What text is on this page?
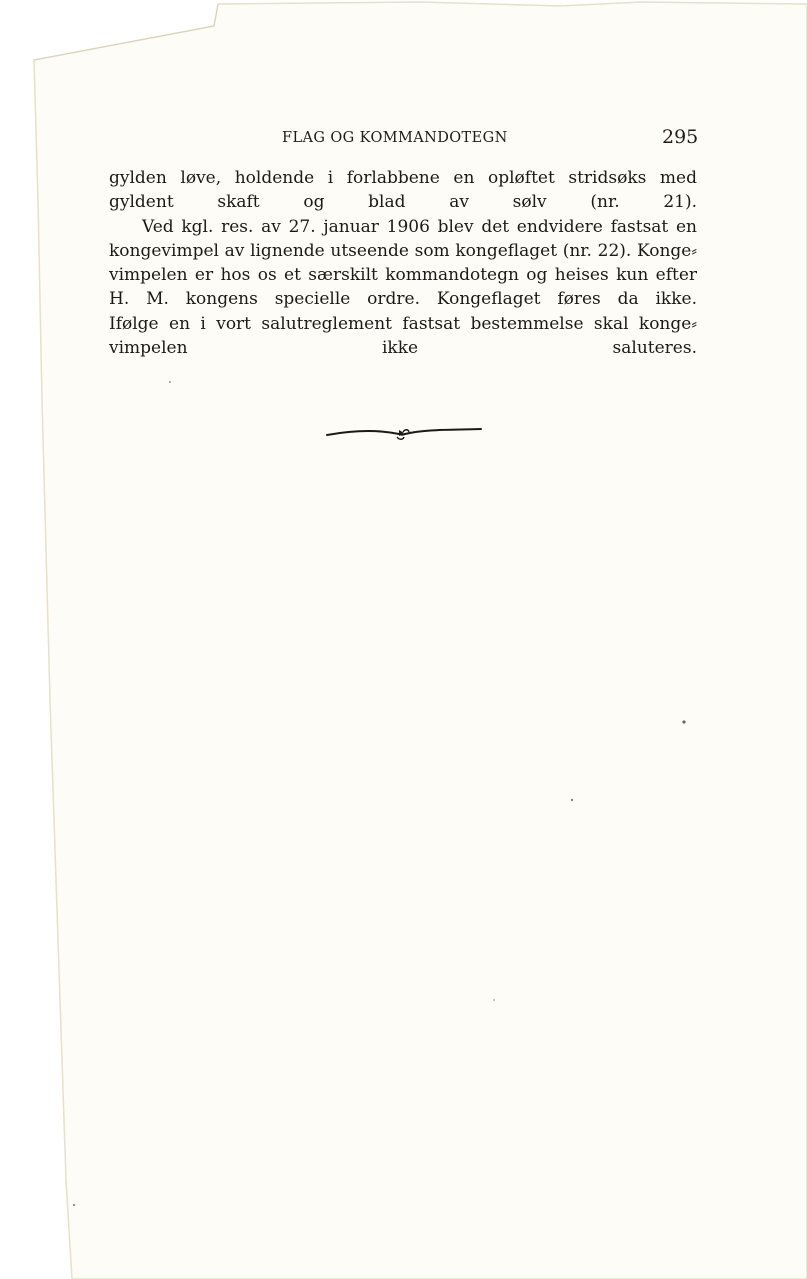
FLAG OG KOMMANDOTEGN	295

gylden løve, holdende i forlabbene en opløftet stridsøks med
gyldent skaft og blad av sølv (nr. 21).

Ved kgl. res. av 27. januar 1906 blev det endvidere fastsat en
kongevimpel av lignende utseende som kongeflaget (nr. 22). Konge⸗
vimpelen er hos os et særskilt kommandotegn og heises kun efter
H. M. kongens specielle ordre. Kongeflaget føres da ikke.
Ifølge en i vort salutreglement fastsat bestemmelse skal konge⸗
vimpelen ikke saluteres.
